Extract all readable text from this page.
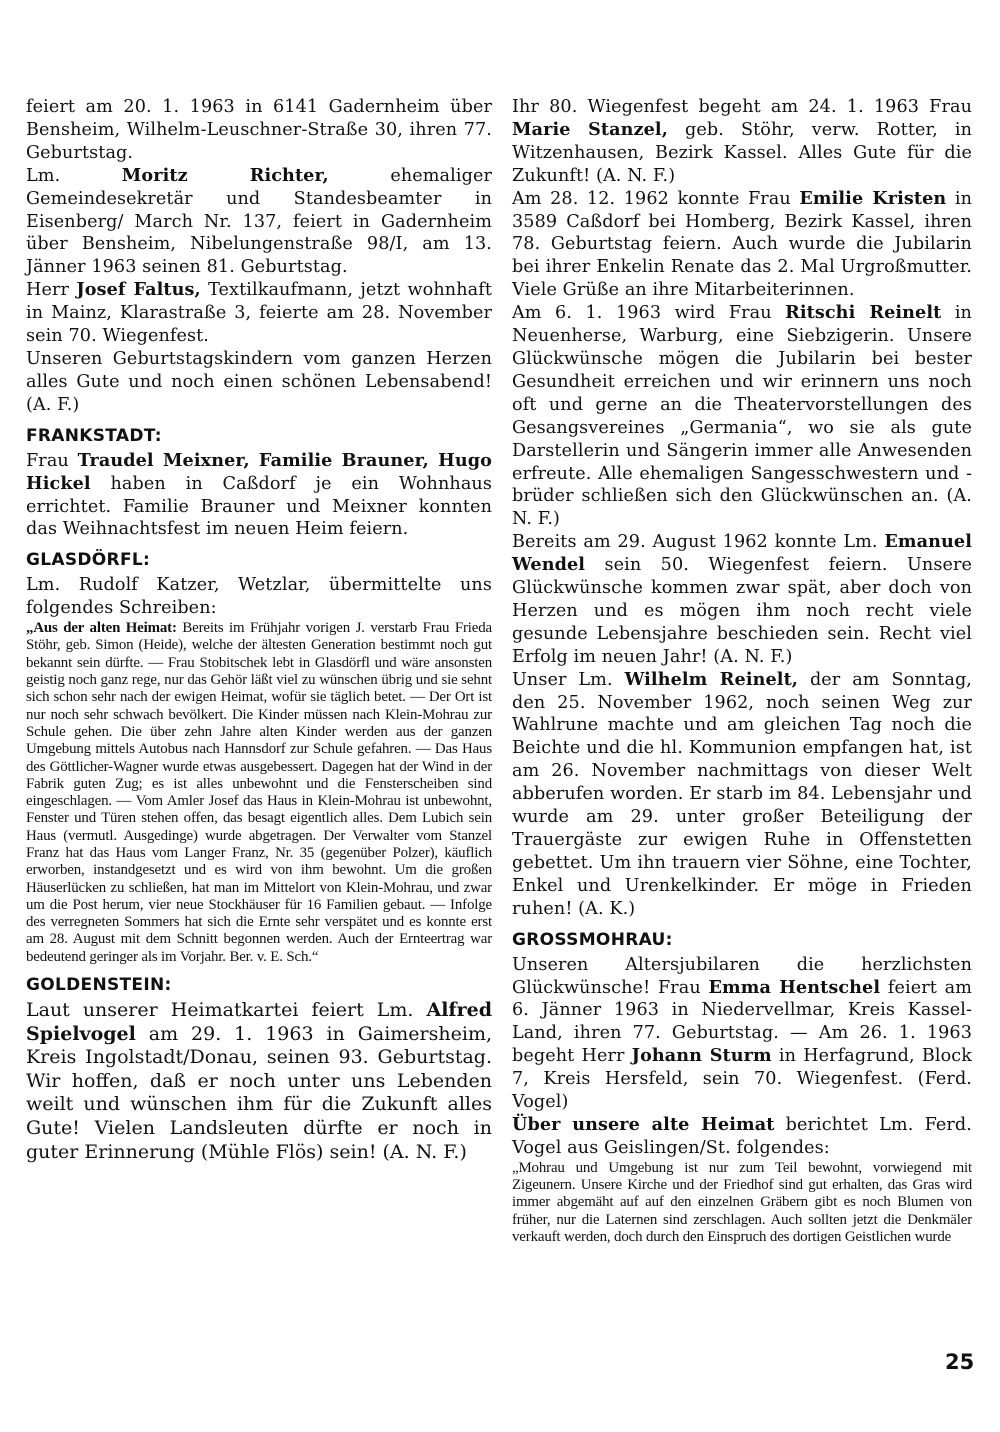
feiert am 20. 1. 1963 in 6141 Gadernheim über Bensheim, Wilhelm-Leuschner-Straße 30, ihren 77. Geburtstag.

Lm.	Moritz Richter,	ehemaliger Gemeindesekretär und Standesbeamter in Eisenberg/ March Nr. 137, feiert in Gadernheim über Bensheim, Nibelungenstraße 98/I, am 13. Jänner 1963 seinen 81. Geburtstag.

Herr Josef Faltus, Textilkaufmann, jetzt wohnhaft in Mainz, Klarastraße 3, feierte am 28. November sein 70. Wiegenfest.

Unseren Geburtstagskindern vom ganzen Herzen alles Gute und noch einen schönen Lebensabend! (A. F.)

FRANKSTADT:

Frau Traudel Meixner, Familie Brauner, Hugo Hickel haben in Caßdorf je ein Wohnhaus errichtet. Familie Brauner und Meixner konnten das Weihnachtsfest im neuen Heim feiern.

GLASDÖRFL:

Lm. Rudolf Katzer, Wetzlar, übermittelte uns folgendes Schreiben:

„Aus der alten Heimat: Bereits im Frühjahr vorigen J. verstarb Frau Frieda Stöhr, geb. Simon (Heide), welche der ältesten Generation bestimmt noch gut bekannt sein dürfte. — Frau Stobitschek lebt in Glasdörfl und wäre ansonsten geistig noch ganz rege, nur das Gehör läßt viel zu wünschen übrig und sie sehnt sich schon sehr nach der ewigen Heimat, wofür sie täglich betet. — Der Ort ist nur noch sehr schwach bevölkert. Die Kinder müssen nach Klein-Mohrau zur Schule gehen. Die über zehn Jahre alten Kinder werden aus der ganzen Umgebung mittels Autobus nach Hannsdorf zur Schule gefahren. — Das Haus des Göttlicher-Wagner wurde etwas ausgebessert. Dagegen hat der Wind in der Fabrik guten Zug; es ist alles unbewohnt und die Fensterscheiben sind eingeschlagen. — Vom Amler Josef das Haus in Klein-Mohrau ist unbewohnt, Fenster und Türen stehen offen, das besagt eigentlich alles. Dem Lubich sein Haus (vermutl. Ausgedinge) wurde abgetragen. Der Verwalter vom Stanzel Franz hat das Haus vom Langer Franz, Nr. 35 (gegenüber Polzer), käuflich erworben, instandgesetzt und es wird von ihm bewohnt. Um die großen Häuserlücken zu schließen, hat man im Mittelort von Klein-Mohrau, und zwar um die Post herum, vier neue Stockhäuser für 16 Familien gebaut. — Infolge des verregneten Sommers hat sich die Ernte sehr verspätet und es konnte erst am 28. August mit dem Schnitt begonnen werden. Auch der Ernteertrag war bedeutend geringer als im Vorjahr. Ber. v. E. Sch.“

GOLDENSTEIN:

Laut unserer Heimatkartei feiert Lm. Alfred Spielvogel am 29. 1. 1963 in Gaimersheim, Kreis Ingolstadt/Donau, seinen 93. Geburtstag. Wir hoffen, daß er noch unter uns Lebenden weilt und wünschen ihm für die Zukunft alles Gute! Vielen Landsleuten dürfte er noch in guter Erinnerung (Mühle Flös) sein! (A. N. F.)

Ihr 80. Wiegenfest begeht am 24. 1. 1963 Frau Marie Stanzel, geb. Stöhr, verw. Rotter, in Witzenhausen, Bezirk Kassel. Alles Gute für die Zukunft! (A. N. F.)

Am 28. 12. 1962 konnte Frau Emilie Kristen in 3589 Caßdorf bei Homberg, Bezirk Kassel, ihren 78. Geburtstag feiern. Auch wurde die Jubilarin bei ihrer Enkelin Renate das 2. Mal Urgroßmutter. Viele Grüße an ihre Mitarbeiterinnen.

Am 6. 1. 1963 wird Frau Ritschi Reinelt in Neuenherse, Warburg, eine Siebzigerin. Unsere Glückwünsche mögen die Jubilarin bei bester Gesundheit erreichen und wir erinnern uns noch oft und gerne an die Theatervorstellungen des Gesangsvereines „Germania“, wo sie als gute Darstellerin und Sängerin immer alle Anwesenden erfreute. Alle ehemaligen Sangesschwestern und -brüder schließen sich den Glückwünschen an. (A. N. F.)

Bereits am 29. August 1962 konnte Lm. Emanuel Wendel sein 50. Wiegenfest feiern. Unsere Glückwünsche kommen zwar spät, aber doch von Herzen und es mögen ihm noch recht viele gesunde Lebensjahre beschieden sein. Recht viel Erfolg im neuen Jahr! (A. N. F.)

Unser Lm. Wilhelm Reinelt, der am Sonntag, den 25. November 1962, noch seinen Weg zur Wahlrune machte und am gleichen Tag noch die Beichte und die hl. Kommunion empfangen hat, ist am 26. November nachmittags von dieser Welt abberufen worden. Er starb im 84. Lebensjahr und wurde am 29. unter großer Beteiligung der Trauergäste zur ewigen Ruhe in Offenstetten gebettet. Um ihn trauern vier Söhne, eine Tochter, Enkel und Urenkelkinder. Er möge in Frieden ruhen! (A. K.)

GROSSMOHRAU:

Unseren Altersjubilaren die herzlichsten Glückwünsche! Frau Emma Hentschel feiert am 6. Jänner 1963 in Niedervellmar, Kreis Kassel-Land, ihren 77. Geburtstag. — Am 26. 1. 1963 begeht Herr Johann Sturm in Herfagrund, Block 7, Kreis Hersfeld, sein 70. Wiegenfest. (Ferd. Vogel)

Über unsere alte Heimat berichtet Lm. Ferd. Vogel aus Geislingen/St. folgendes:

„Mohrau und Umgebung ist nur zum Teil bewohnt, vorwiegend mit Zigeunern. Unsere Kirche und der Friedhof sind gut erhalten, das Gras wird immer abgemäht auf auf den einzelnen Gräbern gibt es noch Blumen von früher, nur die Laternen sind zerschlagen. Auch sollten jetzt die Denkmäler verkauft werden, doch durch den Einspruch des dortigen Geistlichen wurde

25
